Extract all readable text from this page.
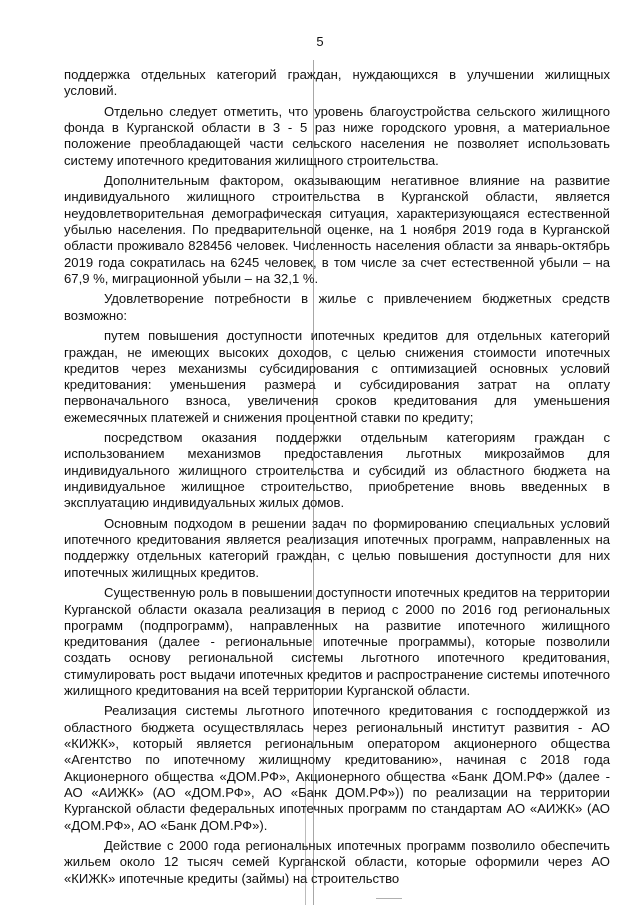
5

поддержка отдельных категорий граждан, нуждающихся в улучшении жилищных условий.

Отдельно следует отметить, что уровень благоустройства сельского жилищного фонда в Курганской области в 3 - 5 раз ниже городского уровня, а материальное положение преобладающей части сельского населения не позволяет использовать систему ипотечного кредитования жилищного строительства.

Дополнительным фактором, оказывающим негативное влияние на развитие индивидуального жилищного строительства в Курганской области, является неудовлетворительная демографическая ситуация, характеризующаяся естественной убылью населения. По предварительной оценке, на 1 ноября 2019 года в Курганской области проживало 828456 человек. Численность населения области за январь-октябрь 2019 года сократилась на 6245 человек, в том числе за счет естественной убыли – на 67,9 %, миграционной убыли – на 32,1 %.

Удовлетворение потребности в жилье с привлечением бюджетных средств возможно:

путем повышения доступности ипотечных кредитов для отдельных категорий граждан, не имеющих высоких доходов, с целью снижения стоимости ипотечных кредитов через механизмы субсидирования с оптимизацией основных условий кредитования: уменьшения размера и субсидирования затрат на оплату первоначального взноса, увеличения сроков кредитования для уменьшения ежемесячных платежей и снижения процентной ставки по кредиту;

посредством оказания поддержки отдельным категориям граждан с использованием механизмов предоставления льготных микрозаймов для индивидуального жилищного строительства и субсидий из областного бюджета на индивидуальное жилищное строительство, приобретение вновь введенных в эксплуатацию индивидуальных жилых домов.

Основным подходом в решении задач по формированию специальных условий ипотечного кредитования является реализация ипотечных программ, направленных на поддержку отдельных категорий граждан, с целью повышения доступности для них ипотечных жилищных кредитов.

Существенную роль в повышении доступности ипотечных кредитов на территории Курганской области оказала реализация в период с 2000 по 2016 год региональных программ (подпрограмм), направленных на развитие ипотечного жилищного кредитования (далее - региональные ипотечные программы), которые позволили создать основу региональной системы льготного ипотечного кредитования, стимулировать рост выдачи ипотечных кредитов и распространение системы ипотечного жилищного кредитования на всей территории Курганской области.

Реализация системы льготного ипотечного кредитования с господдержкой из областного бюджета осуществлялась через региональный институт развития - АО «КИЖК», который является региональным оператором акционерного общества «Агентство по ипотечному жилищному кредитованию», начиная с 2018 года Акционерного общества «ДОМ.РФ», Акционерного общества «Банк ДОМ.РФ» (далее - АО «АИЖК» (АО «ДОМ.РФ», АО «Банк ДОМ.РФ»)) по реализации на территории Курганской области федеральных ипотечных программ по стандартам АО «АИЖК» (АО «ДОМ.РФ», АО «Банк ДОМ.РФ»).

Действие с 2000 года региональных ипотечных программ позволило обеспечить жильем около 12 тысяч семей Курганской области, которые оформили через АО «КИЖК» ипотечные кредиты (займы) на строительство
